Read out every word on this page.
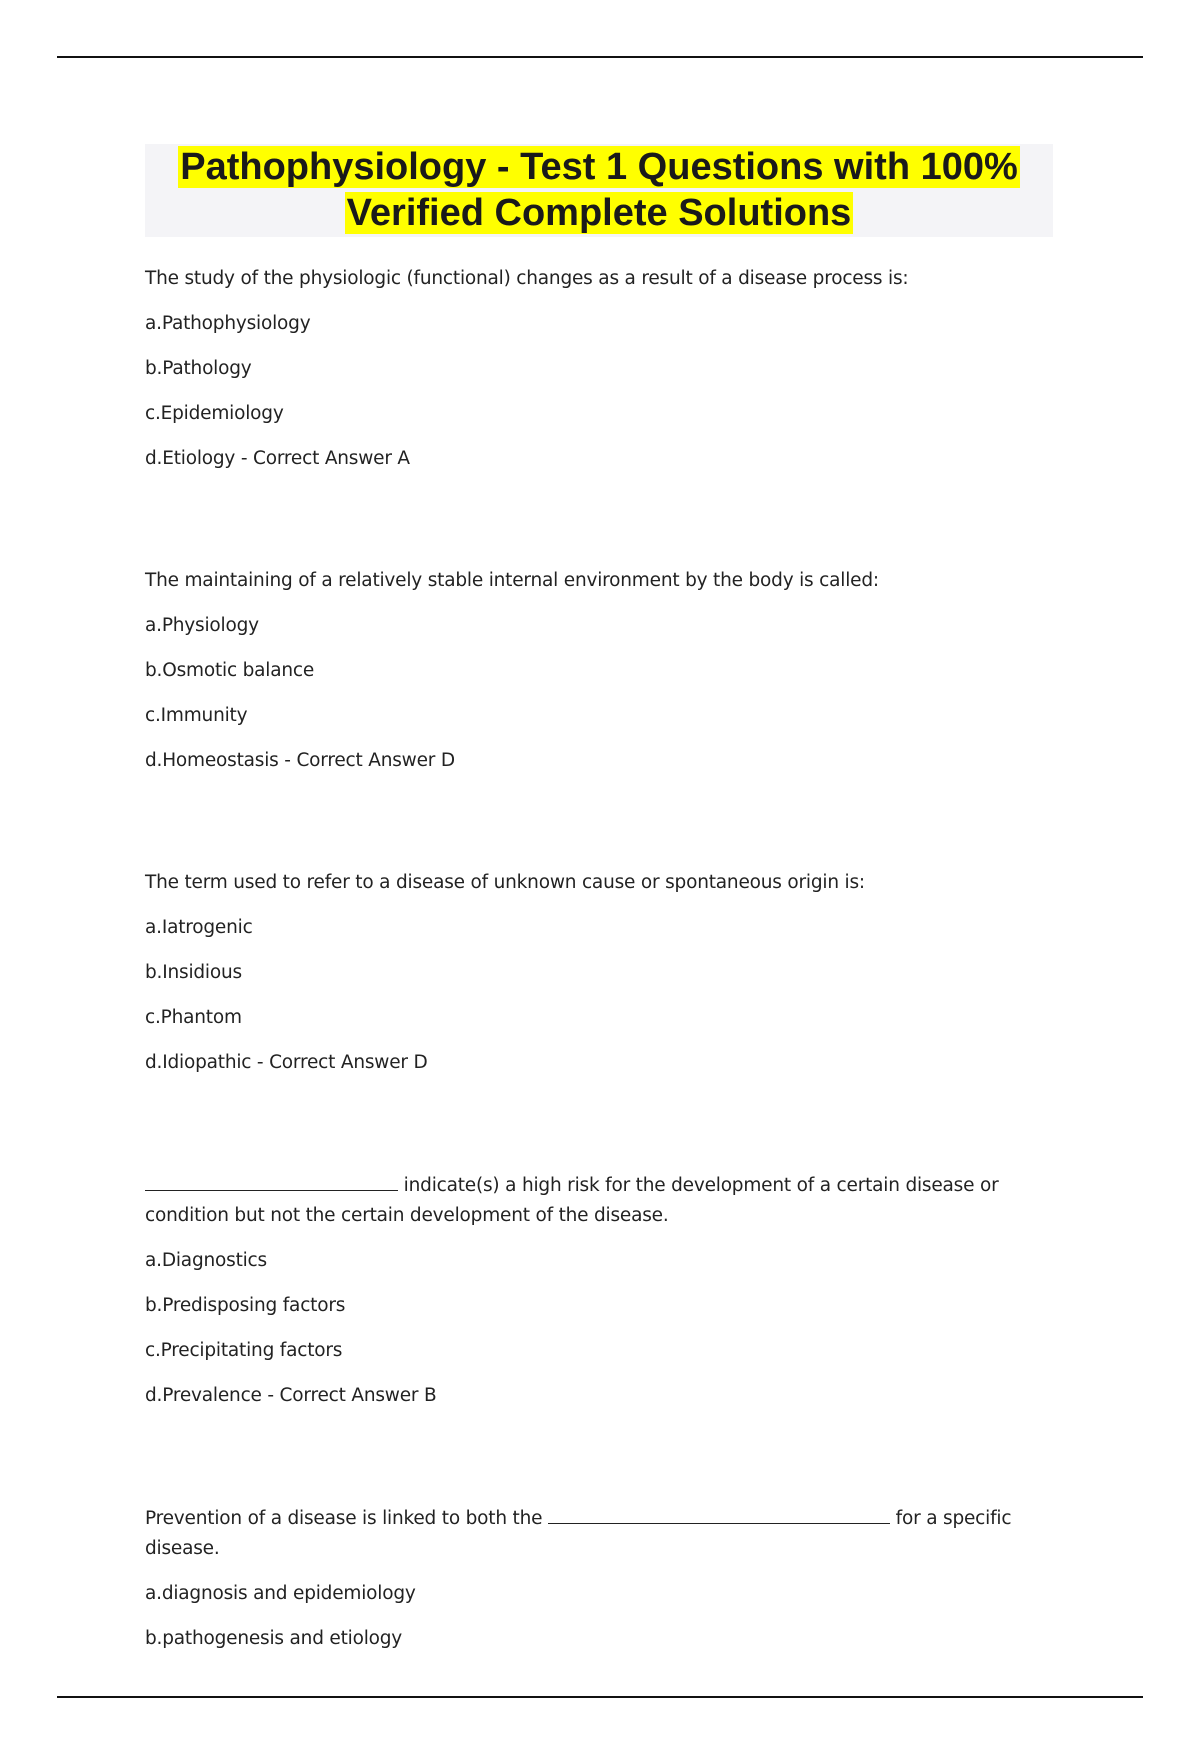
Pathophysiology - Test 1 Questions with 100%
Verified Complete Solutions
The study of the physiologic (functional) changes as a result of a disease process is:
a.Pathophysiology
b.Pathology
c.Epidemiology
d.Etiology - Correct Answer A
The maintaining of a relatively stable internal environment by the body is called:
a.Physiology
b.Osmotic balance
c.Immunity
d.Homeostasis - Correct Answer D
The term used to refer to a disease of unknown cause or spontaneous origin is:
a.Iatrogenic
b.Insidious
c.Phantom
d.Idiopathic - Correct Answer D
indicate(s) a high risk for the development of a certain disease or condition but not the certain development of the disease.
a.Diagnostics
b.Predisposing factors
c.Precipitating factors
d.Prevalence - Correct Answer B
Prevention of a disease is linked to both the	for a specific disease.
a.diagnosis and epidemiology
b.pathogenesis and etiology
